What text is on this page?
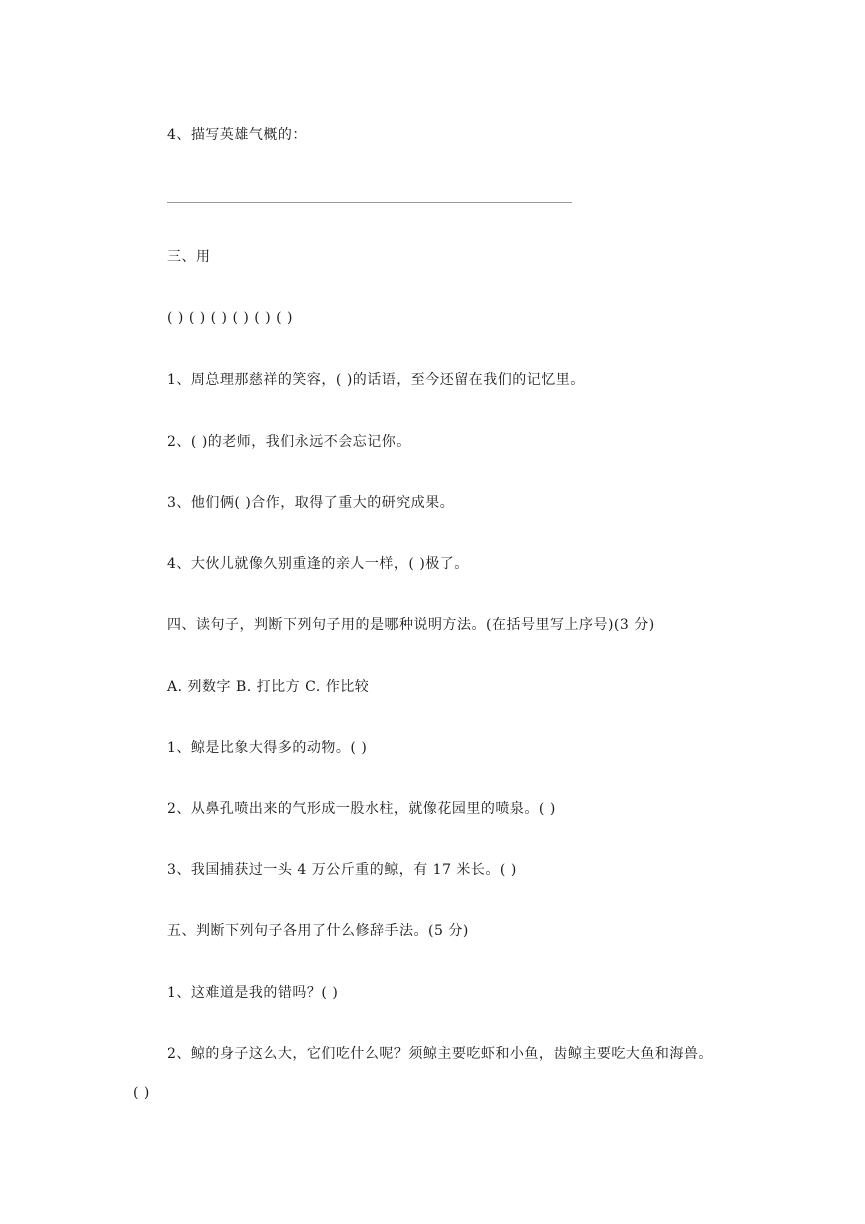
4、描写英雄气概的：
三、用
( ) ( ) ( ) ( ) ( ) ( )
1、周总理那慈祥的笑容，( )的话语，至今还留在我们的记忆里。
2、( )的老师，我们永远不会忘记你。
3、他们俩( )合作，取得了重大的研究成果。
4、大伙儿就像久别重逢的亲人一样，( )极了。
四、读句子，判断下列句子用的是哪种说明方法。(在括号里写上序号)(3 分)
A. 列数字 B. 打比方 C. 作比较
1、鲸是比象大得多的动物。( )
2、从鼻孔喷出来的气形成一股水柱，就像花园里的喷泉。( )
3、我国捕获过一头 4 万公斤重的鲸，有 17 米长。( )
五、判断下列句子各用了什么修辞手法。(5 分)
1、这难道是我的错吗？( )
2、鲸的身子这么大，它们吃什么呢？须鲸主要吃虾和小鱼，齿鲸主要吃大鱼和海兽。
( )
